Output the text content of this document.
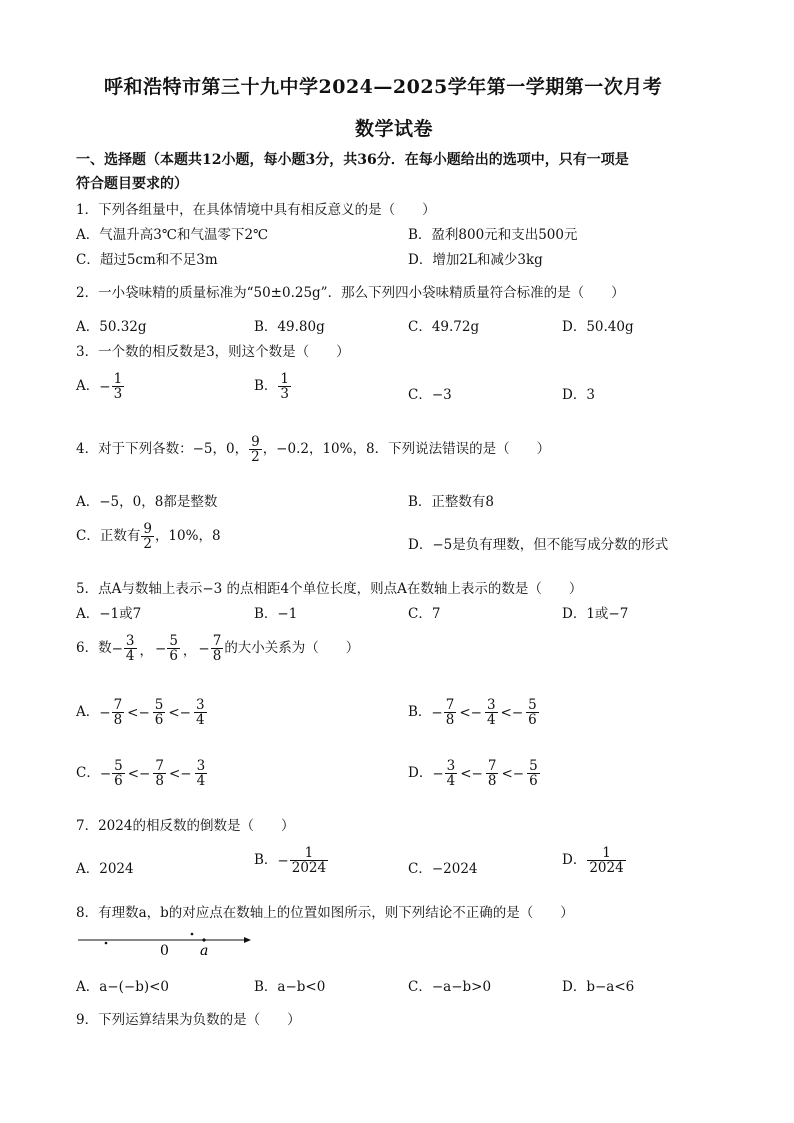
呼和浩特市第三十九中学2024—2025学年第一学期第一次月考
数学试卷
一、选择题（本题共12小题，每小题3分，共36分．在每小题给出的选项中，只有一项是
符合题目要求的）
1．下列各组量中，在具体情境中具有相反意义的是（　　）
A．气温升高3℃和气温零下2℃	B．盈利800元和支出500元
C．超过5cm和不足3m	D．增加2L和减少3kg
2．一小袋味精的质量标准为“50±0.25g”．那么下列四小袋味精质量符合标准的是（　　）
A．50.32g	B．49.80g	C．49.72g	D．50.40g
3．一个数的相反数是3，则这个数是（　　）
A．− $\frac{1}{3}$	B． $\frac{1}{3}$	C．−3	D．3
4．对于下列各数：−5，0， $\frac{9}{2}$ ，−0.2，10%，8．下列说法错误的是（　　）
A．−5，0，8都是整数	B．正整数有8
C．正数有 $\frac{9}{2}$ ，10%，8
D．−5是负有理数，但不能写成分数的形式
5．点A与数轴上表示−3 的点相距4个单位长度，则点A在数轴上表示的数是（　　）
A．−1或7	B．−1	C．7	D．1或−7
6．数− $\frac{3}{4}$ ， − $\frac{5}{6}$ ， − $\frac{7}{8}$ 的大小关系为（　　）
A．− $\frac{7}{8} <- \frac{5}{6} <- \frac{3}{4}$	B．− $\frac{7}{8} <- \frac{3}{4} <- \frac{5}{6}$
C．− $\frac{5}{6} <- \frac{7}{8} <- \frac{3}{4}$	D．− $\frac{3}{4} <- \frac{7}{8} <- \frac{5}{6}$
7．2024的相反数的倒数是（　　）
A．2024
B．− $\frac{1}{2024}$	C．−2024
D． $\frac{1}{2024}$
8．有理数a，b的对应点在数轴上的位置如图所示，则下列结论不正确的是（　　）
0 a
A．a−(−b)<0	B．a−b<0	C．−a−b>0	D．b−a<6
9．下列运算结果为负数的是（　　）
